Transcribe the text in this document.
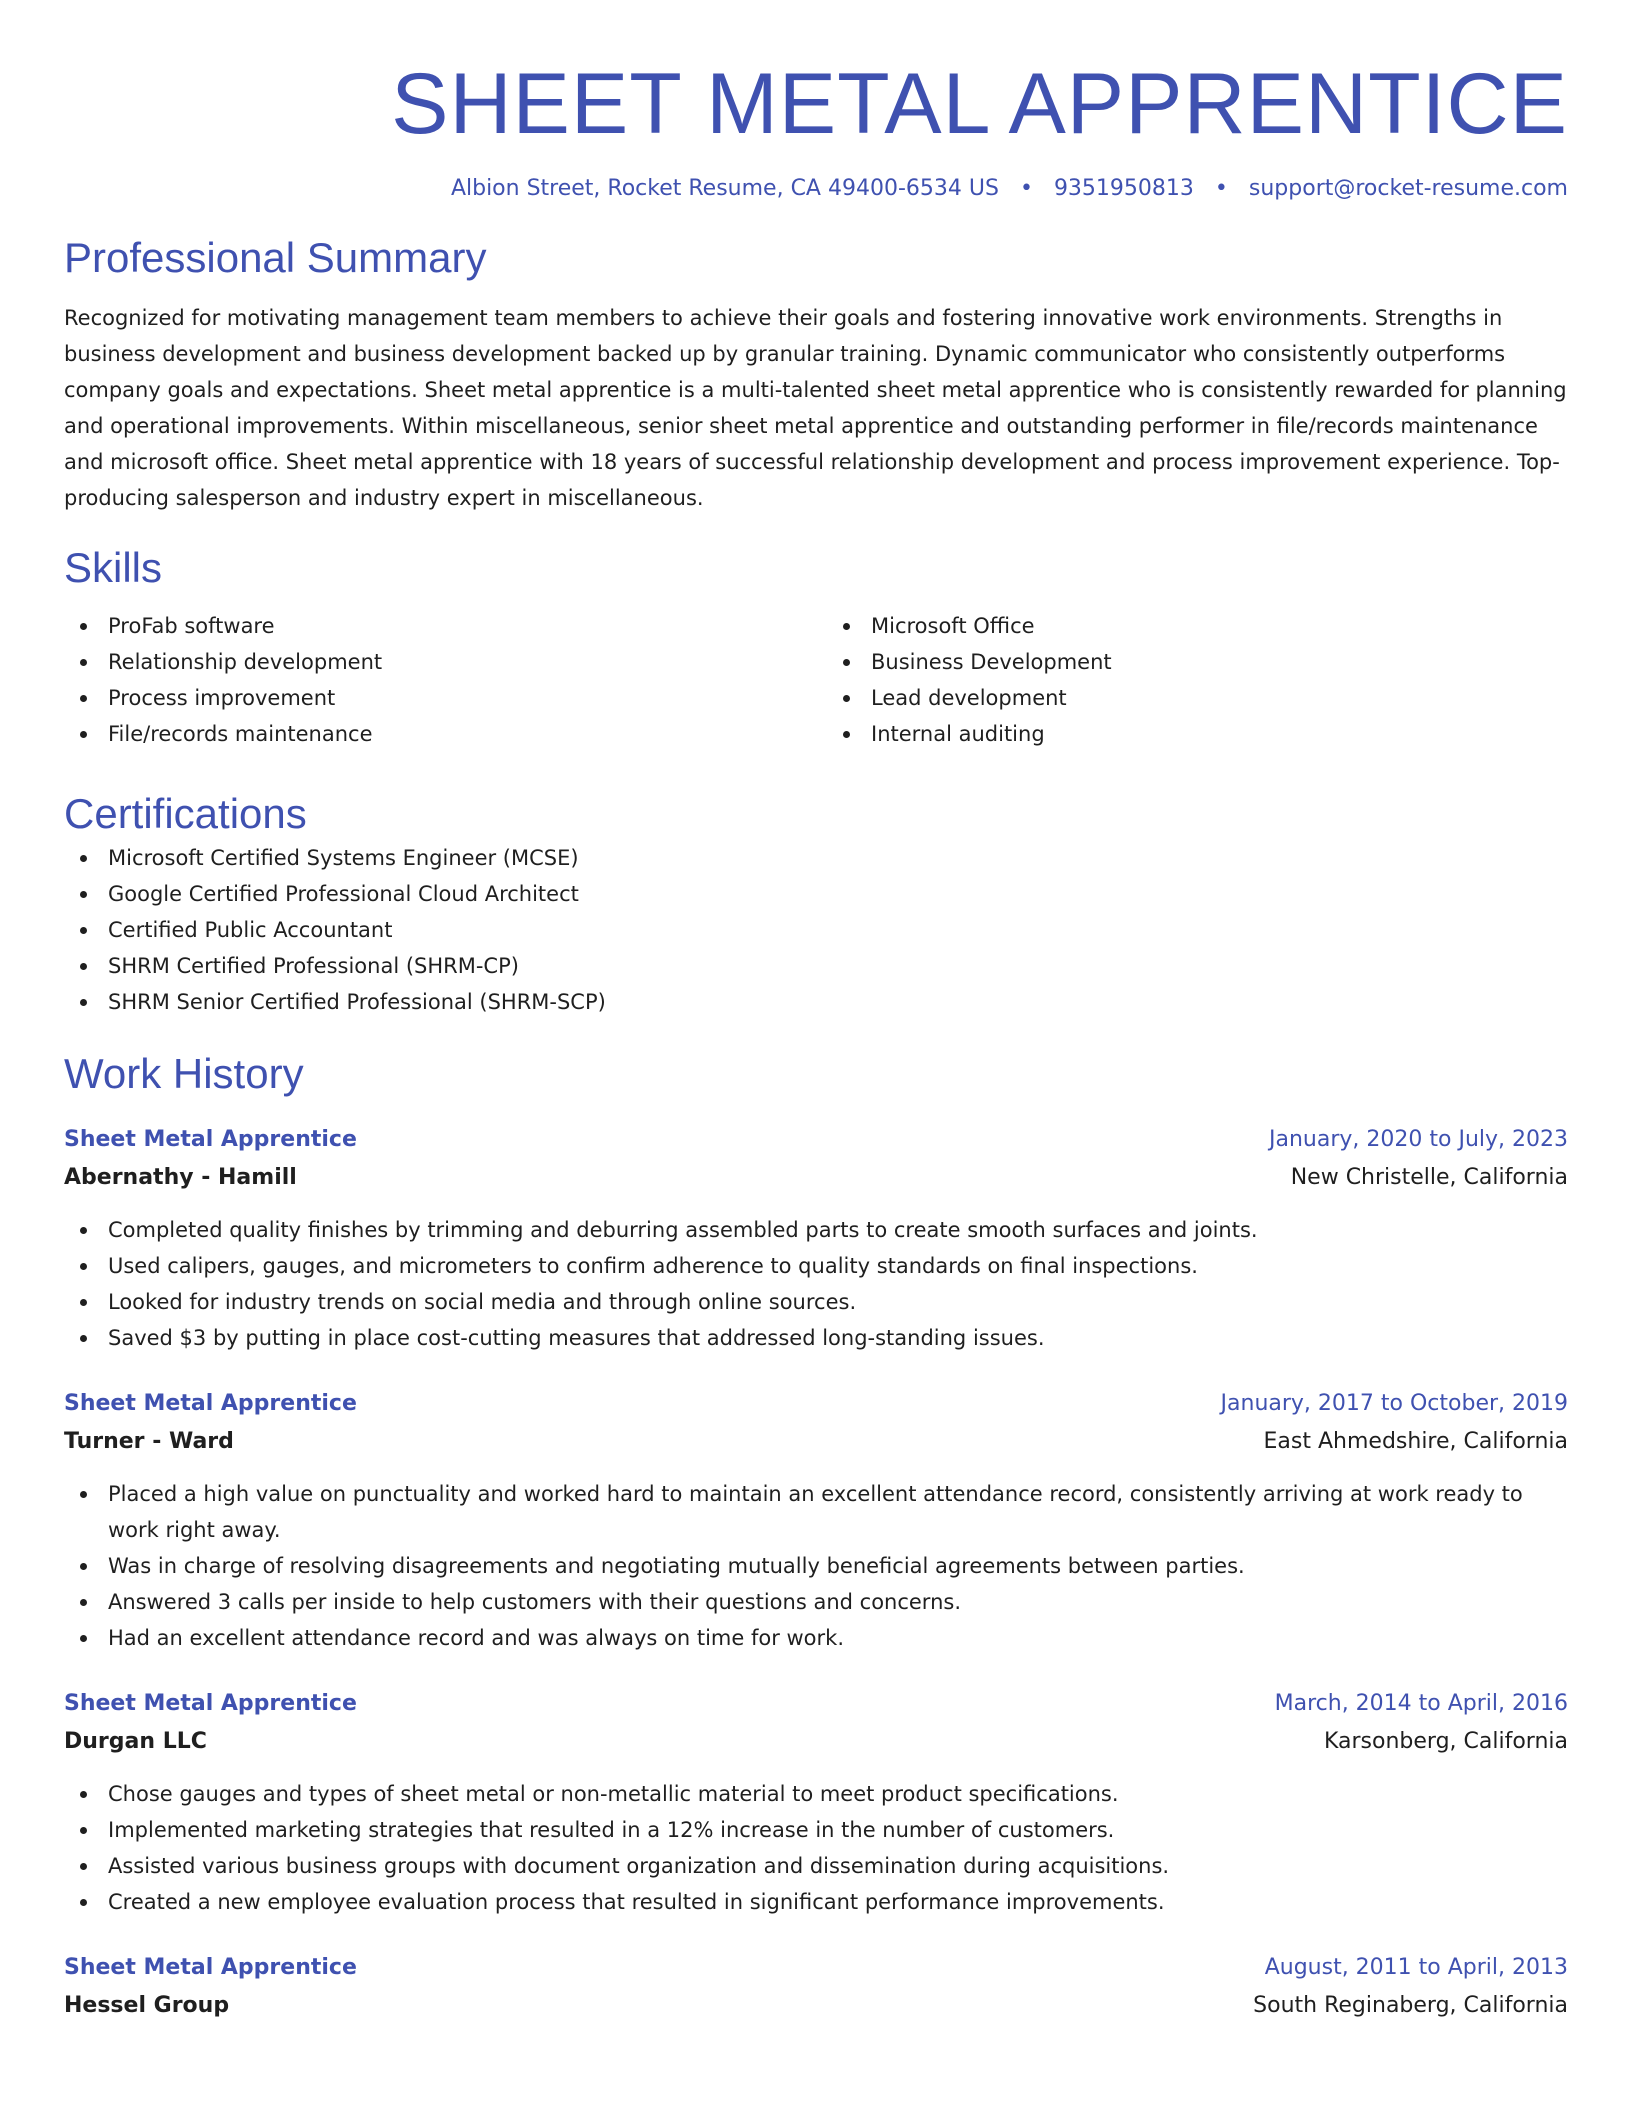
SHEET METAL APPRENTICE
Albion Street, Rocket Resume, CA 49400-6534 US • 9351950813 • support@rocket-resume.com
Professional Summary

Recognized for motivating management team members to achieve their goals and fostering innovative work environments. Strengths in business development and business development backed up by granular training. Dynamic communicator who consistently outperforms company goals and expectations. Sheet metal apprentice is a multi-talented sheet metal apprentice who is consistently rewarded for planning and operational improvements. Within miscellaneous, senior sheet metal apprentice and outstanding performer in file/records maintenance and microsoft office. Sheet metal apprentice with 18 years of successful relationship development and process improvement experience. Top-producing salesperson and industry expert in miscellaneous.

Skills
ProFab software
Relationship development
Process improvement
File/records maintenance
Microsoft Office
Business Development
Lead development
Internal auditing
Certifications
Microsoft Certified Systems Engineer (MCSE)
Google Certified Professional Cloud Architect
Certified Public Accountant
SHRM Certified Professional (SHRM-CP)
SHRM Senior Certified Professional (SHRM-SCP)
Work History
Sheet Metal Apprentice	January, 2020 to July, 2023
Abernathy - Hamill	New Christelle, California
Completed quality finishes by trimming and deburring assembled parts to create smooth surfaces and joints.
Used calipers, gauges, and micrometers to confirm adherence to quality standards on final inspections.
Looked for industry trends on social media and through online sources.
Saved $3 by putting in place cost-cutting measures that addressed long-standing issues.
Sheet Metal Apprentice	January, 2017 to October, 2019
Turner - Ward	East Ahmedshire, California
Placed a high value on punctuality and worked hard to maintain an excellent attendance record, consistently arriving at work ready to work right away.
Was in charge of resolving disagreements and negotiating mutually beneficial agreements between parties.
Answered 3 calls per inside to help customers with their questions and concerns.
Had an excellent attendance record and was always on time for work.
Sheet Metal Apprentice	March, 2014 to April, 2016
Durgan LLC	Karsonberg, California
Chose gauges and types of sheet metal or non-metallic material to meet product specifications.
Implemented marketing strategies that resulted in a 12% increase in the number of customers.
Assisted various business groups with document organization and dissemination during acquisitions.
Created a new employee evaluation process that resulted in significant performance improvements.
Sheet Metal Apprentice	August, 2011 to April, 2013
Hessel Group	South Reginaberg, California
